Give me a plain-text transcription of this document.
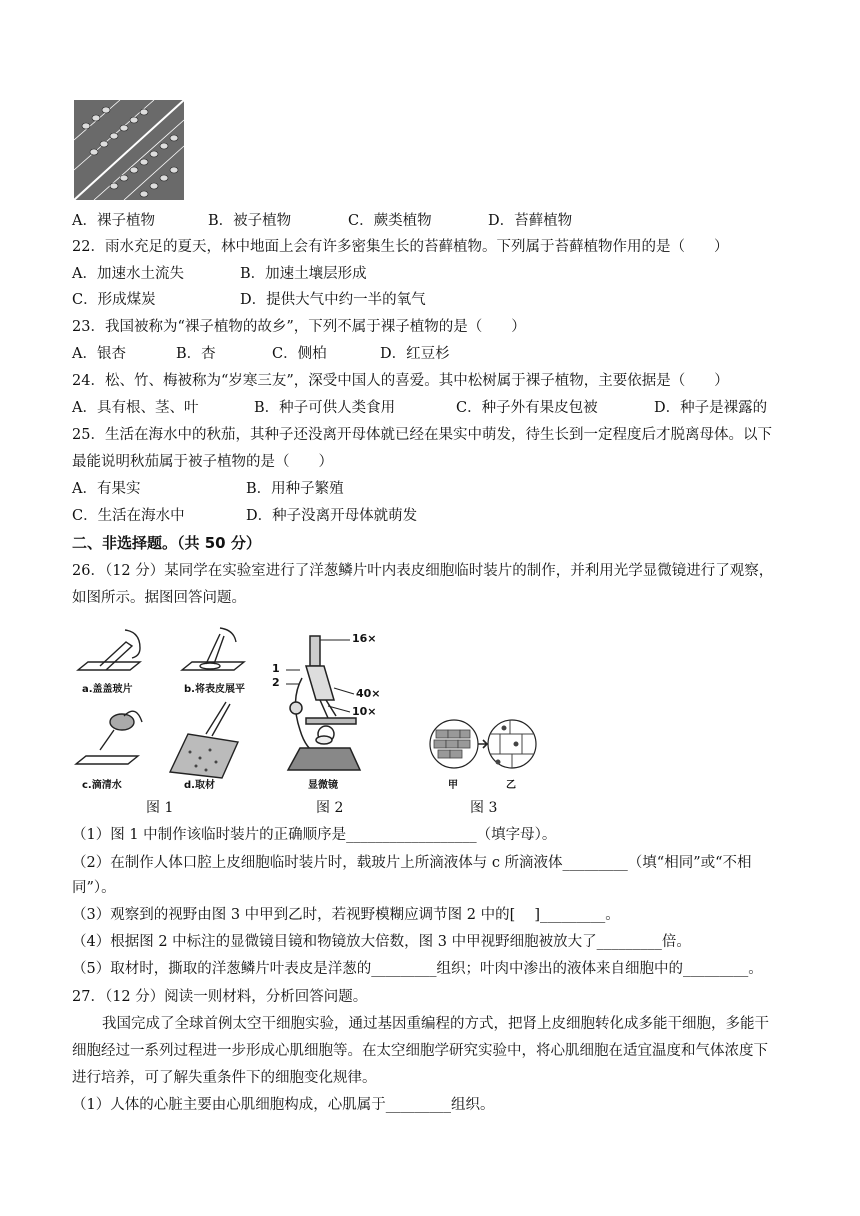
A．裸子植物	B．被子植物	C．蕨类植物	D．苔藓植物
22．雨水充足的夏天，林中地面上会有许多密集生长的苔藓植物。下列属于苔藓植物作用的是（　　）
A．加速水土流失	B．加速土壤层形成
C．形成煤炭	D．提供大气中约一半的氧气
23．我国被称为“裸子植物的故乡”，下列不属于裸子植物的是（　　）
A．银杏	B．杏	C．侧柏	D．红豆杉
24．松、竹、梅被称为“岁寒三友”，深受中国人的喜爱。其中松树属于裸子植物，主要依据是（　　）
A．具有根、茎、叶	B．种子可供人类食用	C．种子外有果皮包被	D．种子是裸露的
25．生活在海水中的秋茄，其种子还没离开母体就已经在果实中萌发，待生长到一定程度后才脱离母体。以下
最能说明秋茄属于被子植物的是（　　）
A．有果实	B．用种子繁殖
C．生活在海水中	D．种子没离开母体就萌发
二、非选择题。（共 50 分）
26．（12 分）某同学在实验室进行了洋葱鳞片叶内表皮细胞临时装片的制作，并利用光学显微镜进行了观察，
如图所示。据图回答问题。
a.盖盖玻片	b.将表皮展平
c.滴清水	d.取材
16×
1
2
40×
10×
显微镜	甲	乙
图 1	图 2	图 3
（1）图 1 中制作该临时装片的正确顺序是__________________（填字母）。
（2）在制作人体口腔上皮细胞临时装片时，载玻片上所滴液体与 c 所滴液体_________（填“相同”或“不相
同”）。
（3）观察到的视野由图 3 中甲到乙时，若视野模糊应调节图 2 中的[　 ]_________。
（4）根据图 2 中标注的显微镜目镜和物镜放大倍数，图 3 中甲视野细胞被放大了_________倍。
（5）取材时，撕取的洋葱鳞片叶表皮是洋葱的_________组织；叶肉中渗出的液体来自细胞中的_________。
27．（12 分）阅读一则材料，分析回答问题。
我国完成了全球首例太空干细胞实验，通过基因重编程的方式，把肾上皮细胞转化成多能干细胞，多能干
细胞经过一系列过程进一步形成心肌细胞等。在太空细胞学研究实验中，将心肌细胞在适宜温度和气体浓度下
进行培养，可了解失重条件下的细胞变化规律。
（1）人体的心脏主要由心肌细胞构成，心肌属于_________组织。
